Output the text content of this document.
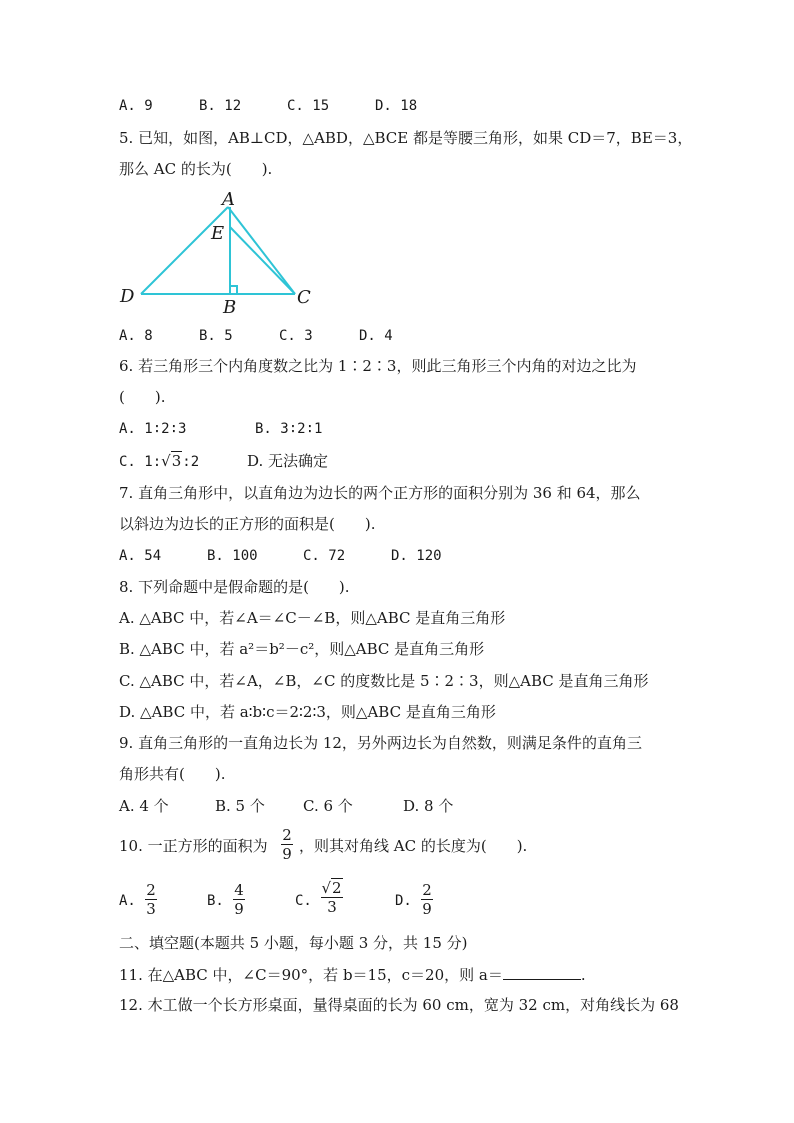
A. 9	B. 12	C. 15	D. 18
5. 已知，如图，AB⊥CD，△ABD，△BCE 都是等腰三角形，如果 CD＝7，BE＝3，
那么 AC 的长为(　　).
A
E
D
B	C
A. 8	B. 5	C. 3	D. 4
6. 若三角形三个内角度数之比为 1∶2∶3，则此三角形三个内角的对边之比为
(　　).
A. 1∶2∶3	B. 3∶2∶1
C. 1:√3:2	D. 无法确定
7. 直角三角形中，以直角边为边长的两个正方形的面积分别为 36 和 64，那么
以斜边为边长的正方形的面积是(　　).
A. 54	B. 100	C. 72	D. 120
8. 下列命题中是假命题的是(　　).
A. △ABC 中，若∠A＝∠C－∠B，则△ABC 是直角三角形
B. △ABC 中，若 a²＝b²－c²，则△ABC 是直角三角形
C. △ABC 中，若∠A，∠B，∠C 的度数比是 5∶2∶3，则△ABC 是直角三角形
D. △ABC 中，若 a∶b∶c＝2∶2∶3，则△ABC 是直角三角形
9. 直角三角形的一直角边长为 12，另外两边长为自然数，则满足条件的直角三
角形共有(　　).
A. 4 个	B. 5 个	C. 6 个	D. 8 个
10. 一正方形的面积为
2
9 ，则其对角线 AC 的长度为(　　).
A.
2
3	B.
4
9	C.
√2
3	D.
2
9
二、填空题(本题共 5 小题，每小题 3 分，共 15 分)
11. 在△ABC 中，∠C＝90°，若 b＝15，c＝20，则 a＝	.
12. 木工做一个长方形桌面，量得桌面的长为 60 cm，宽为 32 cm，对角线长为 68
